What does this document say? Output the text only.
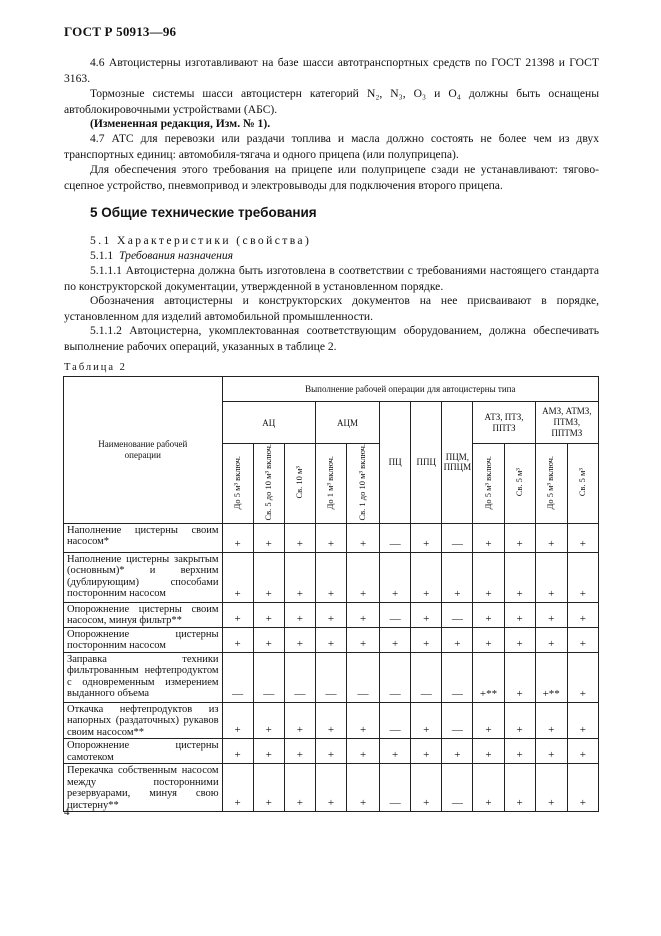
ГОСТ Р 50913—96
4.6 Автоцистерны изготавливают на базе шасси автотранспортных средств по ГОСТ 21398 и ГОСТ 3163.
Тормозные системы шасси автоцистерн категорий N₂, N₃, O₃ и O₄ должны быть оснащены автоблокировочными устройствами (АБС).
(Измененная редакция, Изм. № 1).
4.7 АТС для перевозки или раздачи топлива и масла должно состоять не более чем из двух транспортных единиц: автомобиля-тягача и одного прицепа (или полуприцепа).
Для обеспечения этого требования на прицепе или полуприцепе сзади не устанавливают: тягово-сцепное устройство, пневмопривод и электровыводы для подключения второго прицепа.
5 Общие технические требования
5.1 Характеристики (свойства)
5.1.1 Требования назначения
5.1.1.1 Автоцистерна должна быть изготовлена в соответствии с требованиями настоящего стандарта по конструкторской документации, утвержденной в установленном порядке.
Обозначения автоцистерны и конструкторских документов на нее присваивают в порядке, установленном для изделий автомобильной промышленности.
5.1.1.2 Автоцистерна, укомплектованная соответствующим оборудованием, должна обеспечивать выполнение рабочих операций, указанных в таблице 2.
Таблица 2
Наименование рабочей операции	Выполнение рабочей операции для автоцистерны типа											
	АЦ			АЦМ		ПЦ	ППЦ	ПЦМ, ППЦМ	АТЗ, ПТЗ, ППТЗ		АМЗ, АТМЗ, ПТМЗ, ППТМЗ	
	До 5 м³ включ.	Св. 5 до 10 м³ включ.	Св. 10 м³	До 1 м³ включ.	Св. 1 до 10 м³ включ.				До 5 м³ включ.	Св. 5 м³	До 5 м³ включ.	Св. 5 м³
Наполнение цистерны своим насосом*	+	+	+	+	+	—	+	—	+	+	+	+
Наполнение цистерны закрытым (основным)* и верхним (дублирующим) способами посторонним насосом	+	+	+	+	+	+	+	+	+	+	+	+
Опорожнение цистерны своим насосом, минуя фильтр**	+	+	+	+	+	—	+	—	+	+	+	+
Опорожнение цистерны посторонним насосом	+	+	+	+	+	+	+	+	+	+	+	+
Заправка техники фильтрованным нефтепродуктом с одновременным измерением выданного объема	—	—	—	—	—	—	—	—	+**	+	+**	+
Откачка нефтепродуктов из напорных (раздаточных) рукавов своим насосом**	+	+	+	+	+	—	+	—	+	+	+	+
Опорожнение цистерны самотеком	+	+	+	+	+	+	+	+	+	+	+	+
Перекачка собственным насосом между посторонними резервуарами, минуя свою цистерну**	+	+	+	+	+	—	+	—	+	+	+	+
4
